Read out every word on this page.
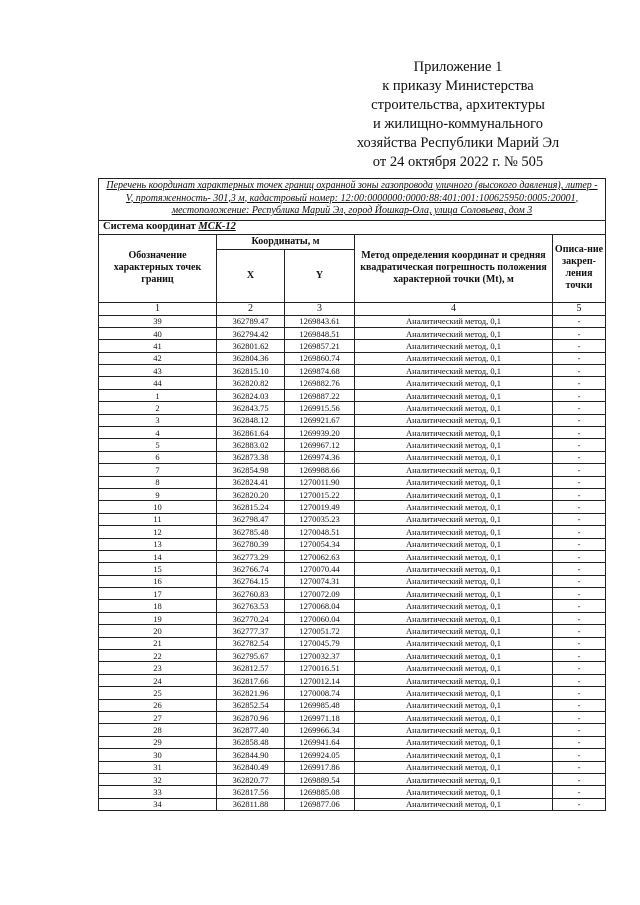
Приложение 1
к приказу Министерства
строительства, архитектуры
и жилищно-коммунального
хозяйства Республики Марий Эл
от 24 октября 2022 г. № 505
Перечень координат характерных точек границ охранной зоны газопровода уличного (высокого давления), литер - V, протяженность- 301,3 м, кадастровый номер: 12:00:0000000:0000:88:401:001:100625950:0005:20001, местоположение: Республика Марий Эл, город Йошкар-Ола, улица Соловьева, дом 3				
Система координат МСК-12				
Обозначение характерных точек границ	Координаты, м		Метод определения координат и средняя квадратическая погрешность положения характерной точки (Mt), м	Описа-ние закреп-ления точки
	X	Y		
1	2	3	4	5
39	362789.47	1269843.61	Аналитический метод, 0,1	-
40	362794.42	1269848.51	Аналитический метод, 0,1	-
41	362801.62	1269857.21	Аналитический метод, 0,1	-
42	362804.36	1269860.74	Аналитический метод, 0,1	-
43	362815.10	1269874.68	Аналитический метод, 0,1	-
44	362820.82	1269882.76	Аналитический метод, 0,1	-
1	362824.03	1269887.22	Аналитический метод, 0,1	-
2	362843.75	1269915.56	Аналитический метод, 0,1	-
3	362848.12	1269921.67	Аналитический метод, 0,1	-
4	362861.64	1269939.20	Аналитический метод, 0,1	-
5	362883.02	1269967.12	Аналитический метод, 0,1	-
6	362873.38	1269974.36	Аналитический метод, 0,1	-
7	362854.98	1269988.66	Аналитический метод, 0,1	-
8	362824.41	1270011.90	Аналитический метод, 0,1	-
9	362820.20	1270015.22	Аналитический метод, 0,1	-
10	362815.24	1270019.49	Аналитический метод, 0,1	-
11	362798.47	1270035.23	Аналитический метод, 0,1	-
12	362785.48	1270048.51	Аналитический метод, 0,1	-
13	362780.39	1270054.34	Аналитический метод, 0,1	-
14	362773.29	1270062.63	Аналитический метод, 0,1	-
15	362766.74	1270070.44	Аналитический метод, 0,1	-
16	362764.15	1270074.31	Аналитический метод, 0,1	-
17	362760.83	1270072.09	Аналитический метод, 0,1	-
18	362763.53	1270068.04	Аналитический метод, 0,1	-
19	362770.24	1270060.04	Аналитический метод, 0,1	-
20	362777.37	1270051.72	Аналитический метод, 0,1	-
21	362782.54	1270045.79	Аналитический метод, 0,1	-
22	362795.67	1270032.37	Аналитический метод, 0,1	-
23	362812.57	1270016.51	Аналитический метод, 0,1	-
24	362817.66	1270012.14	Аналитический метод, 0,1	-
25	362821.96	1270008.74	Аналитический метод, 0,1	-
26	362852.54	1269985.48	Аналитический метод, 0,1	-
27	362870.96	1269971.18	Аналитический метод, 0,1	-
28	362877.40	1269966.34	Аналитический метод, 0,1	-
29	362858.48	1269941.64	Аналитический метод, 0,1	-
30	362844.90	1269924.05	Аналитический метод, 0,1	-
31	362840.49	1269917.86	Аналитический метод, 0,1	-
32	362820.77	1269889.54	Аналитический метод, 0,1	-
33	362817.56	1269885.08	Аналитический метод, 0,1	-
34	362811.88	1269877.06	Аналитический метод, 0,1	-
